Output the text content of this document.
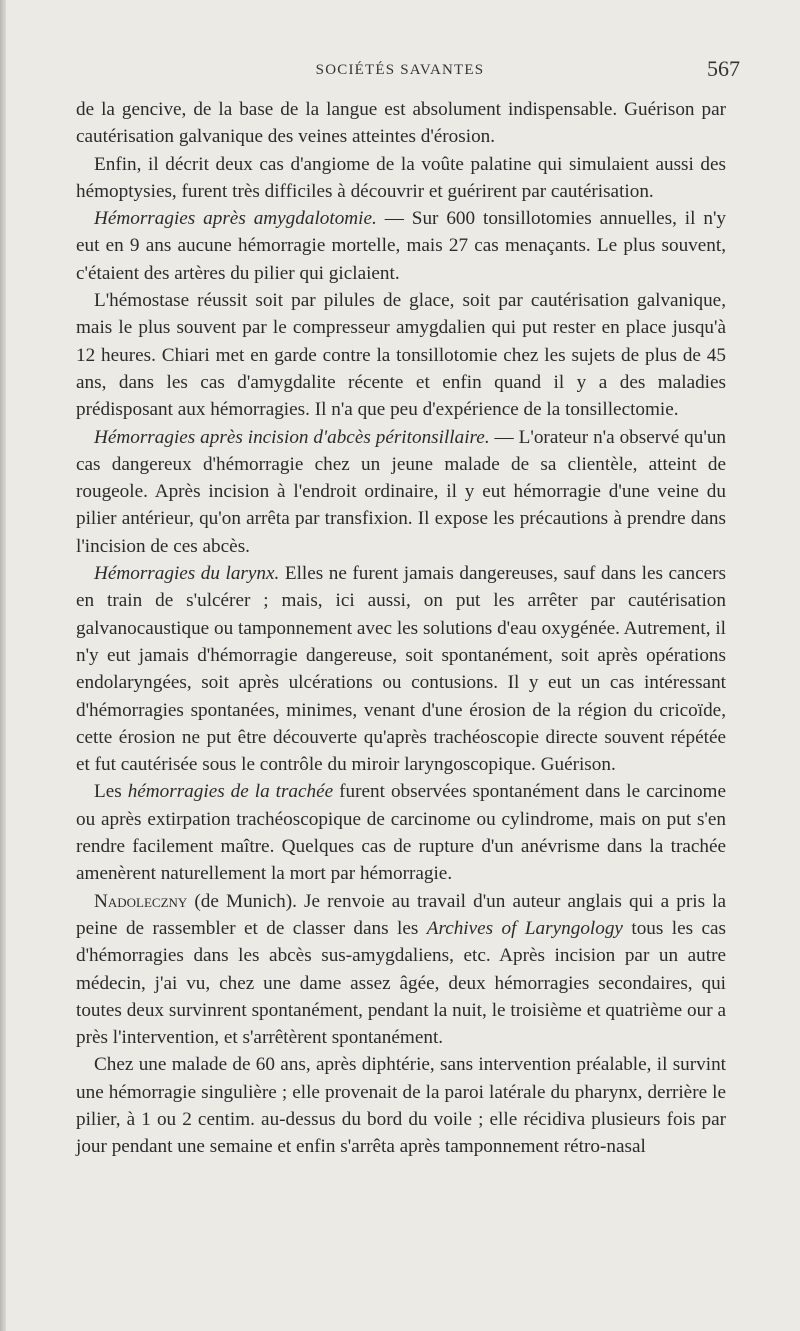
SOCIÉTÉS SAVANTES	567

de la gencive, de la base de la langue est absolument indispensable. Guérison par cautérisation galvanique des veines atteintes d'érosion.

Enfin, il décrit deux cas d'angiome de la voûte palatine qui simulaient aussi des hémoptysies, furent très difficiles à découvrir et guérirent par cautérisation.

Hémorragies après amygdalotomie. — Sur 600 tonsillotomies annuelles, il n'y eut en 9 ans aucune hémorragie mortelle, mais 27 cas menaçants. Le plus souvent, c'étaient des artères du pilier qui giclaient.

L'hémostase réussit soit par pilules de glace, soit par cautérisation galvanique, mais le plus souvent par le compresseur amygdalien qui put rester en place jusqu'à 12 heures. Chiari met en garde contre la tonsillotomie chez les sujets de plus de 45 ans, dans les cas d'amygdalite récente et enfin quand il y a des maladies prédisposant aux hémorragies. Il n'a que peu d'expérience de la tonsillectomie.

Hémorragies après incision d'abcès péritonsillaire. — L'orateur n'a observé qu'un cas dangereux d'hémorragie chez un jeune malade de sa clientèle, atteint de rougeole. Après incision à l'endroit ordinaire, il y eut hémorragie d'une veine du pilier antérieur, qu'on arrêta par transfixion. Il expose les précautions à prendre dans l'incision de ces abcès.

Hémorragies du larynx. Elles ne furent jamais dangereuses, sauf dans les cancers en train de s'ulcérer ; mais, ici aussi, on put les arrêter par cautérisation galvanocaustique ou tamponnement avec les solutions d'eau oxygénée. Autrement, il n'y eut jamais d'hémorragie dangereuse, soit spontanément, soit après opérations endolaryngées, soit après ulcérations ou contusions. Il y eut un cas intéressant d'hémorragies spontanées, minimes, venant d'une érosion de la région du cricoïde, cette érosion ne put être découverte qu'après trachéoscopie directe souvent répétée et fut cautérisée sous le contrôle du miroir laryngoscopique. Guérison.

Les hémorragies de la trachée furent observées spontanément dans le carcinome ou après extirpation trachéoscopique de carcinome ou cylindrome, mais on put s'en rendre facilement maître. Quelques cas de rupture d'un anévrisme dans la trachée amenèrent naturellement la mort par hémorragie.

Nadoleczny (de Munich). Je renvoie au travail d'un auteur anglais qui a pris la peine de rassembler et de classer dans les Archives of Laryngology tous les cas d'hémorragies dans les abcès sus-amygdaliens, etc. Après incision par un autre médecin, j'ai vu, chez une dame assez âgée, deux hémorragies secondaires, qui toutes deux survinrent spontanément, pendant la nuit, le troisième et quatrième our a près l'intervention, et s'arrêtèrent spontanément.

Chez une malade de 60 ans, après diphtérie, sans intervention préalable, il survint une hémorragie singulière ; elle provenait de la paroi latérale du pharynx, derrière le pilier, à 1 ou 2 centim. au-dessus du bord du voile ; elle récidiva plusieurs fois par jour pendant une semaine et enfin s'arrêta après tamponnement rétro-nasal
